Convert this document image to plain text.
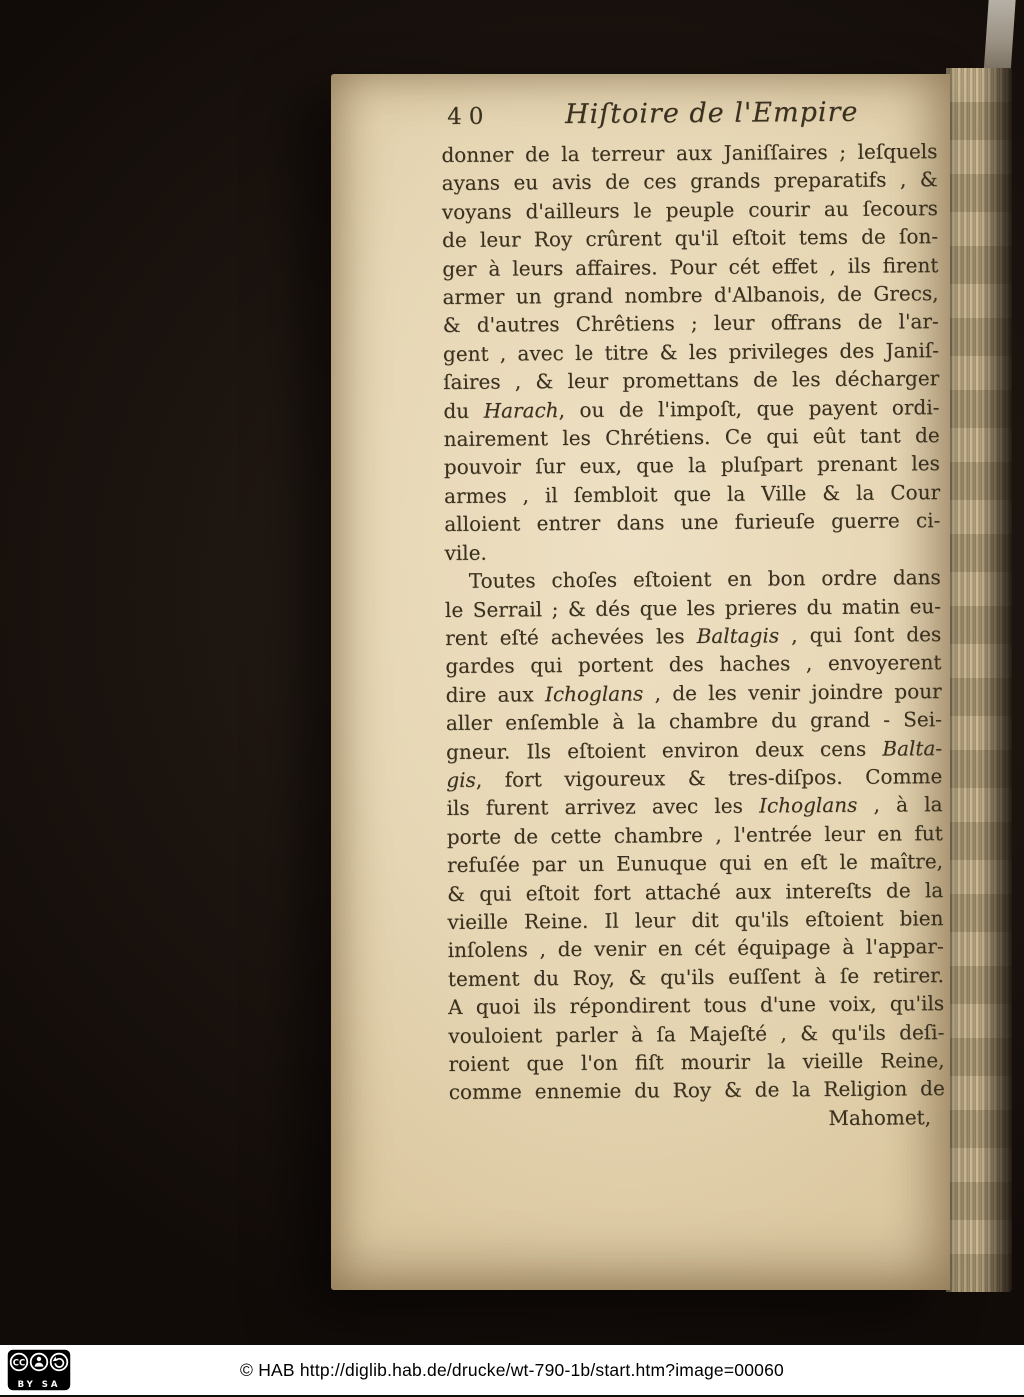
40	Hiſtoire de l'Empire
donner de la terreur aux Janiſſaires ; leſquels
ayans eu avis de ces grands preparatifs , &
voyans d'ailleurs le peuple courir au ſecours
de leur Roy crûrent qu'il eſtoit tems de ſon-
ger à leurs affaires. Pour cét effet , ils firent
armer un grand nombre d'Albanois, de Grecs,
& d'autres Chrêtiens ; leur offrans de l'ar-
gent , avec le titre & les privileges des Janiſ-
ſaires , & leur promettans de les décharger
du Harach, ou de l'impoſt, que payent ordi-
nairement les Chrétiens. Ce qui eût tant de
pouvoir ſur eux, que la pluſpart prenant les
armes , il ſembloit que la Ville & la Cour
alloient entrer dans une furieuſe guerre ci-
vile.
Toutes choſes eſtoient en bon ordre dans
le Serrail ; & dés que les prieres du matin eu-
rent eſté achevées les Baltagis , qui ſont des
gardes qui portent des haches , envoyerent
dire aux Ichoglans , de les venir joindre pour
aller enſemble à la chambre du grand - Sei-
gneur. Ils eſtoient environ deux cens Balta-
gis, fort vigoureux & tres-diſpos. Comme
ils furent arrivez avec les Ichoglans , à la
porte de cette chambre , l'entrée leur en fut
refuſée par un Eunuque qui en eſt le maître,
& qui eſtoit fort attaché aux intereſts de la
vieille Reine. Il leur dit qu'ils eſtoient bien
inſolens , de venir en cét équipage à l'appar-
tement du Roy, & qu'ils euſſent à ſe retirer.
A quoi ils répondirent tous d'une voix, qu'ils
vouloient parler à ſa Majeſté , & qu'ils deſi-
roient que l'on fiſt mourir la vieille Reine,
comme ennemie du Roy & de la Religion de
Mahomet,
CC
BY SA
© HAB http://diglib.hab.de/drucke/wt-790-1b/start.htm?image=00060
